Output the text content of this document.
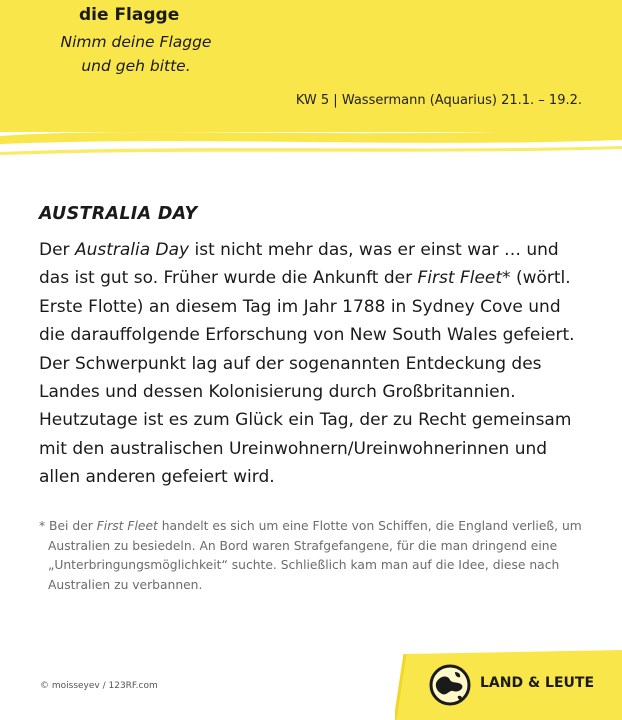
die Flagge
Nimm deine Flagge
und geh bitte.
KW 5 | Wassermann (Aquarius) 21.1. – 19.2.
AUSTRALIA DAY

Der Australia Day ist nicht mehr das, was er einst war … und das ist gut so. Früher wurde die Ankunft der First Fleet* (wörtl. Erste Flotte) an diesem Tag im Jahr 1788 in Sydney Cove und die darauffolgende Erforschung von New South Wales gefeiert. Der Schwerpunkt lag auf der sogenannten Entdeckung des Landes und dessen Kolonisierung durch Großbritannien. Heutzutage ist es zum Glück ein Tag, der zu Recht gemeinsam mit den australischen Ureinwohnern/Ureinwohnerinnen und allen anderen gefeiert wird.

* Bei der First Fleet handelt es sich um eine Flotte von Schiffen, die England verließ, um Australien zu besiedeln. An Bord waren Strafgefangene, für die man dringend eine „Unterbringungsmöglichkeit“ suchte. Schließlich kam man auf die Idee, diese nach Australien zu verbannen.

© moisseyev / 123RF.com	LAND & LEUTE
